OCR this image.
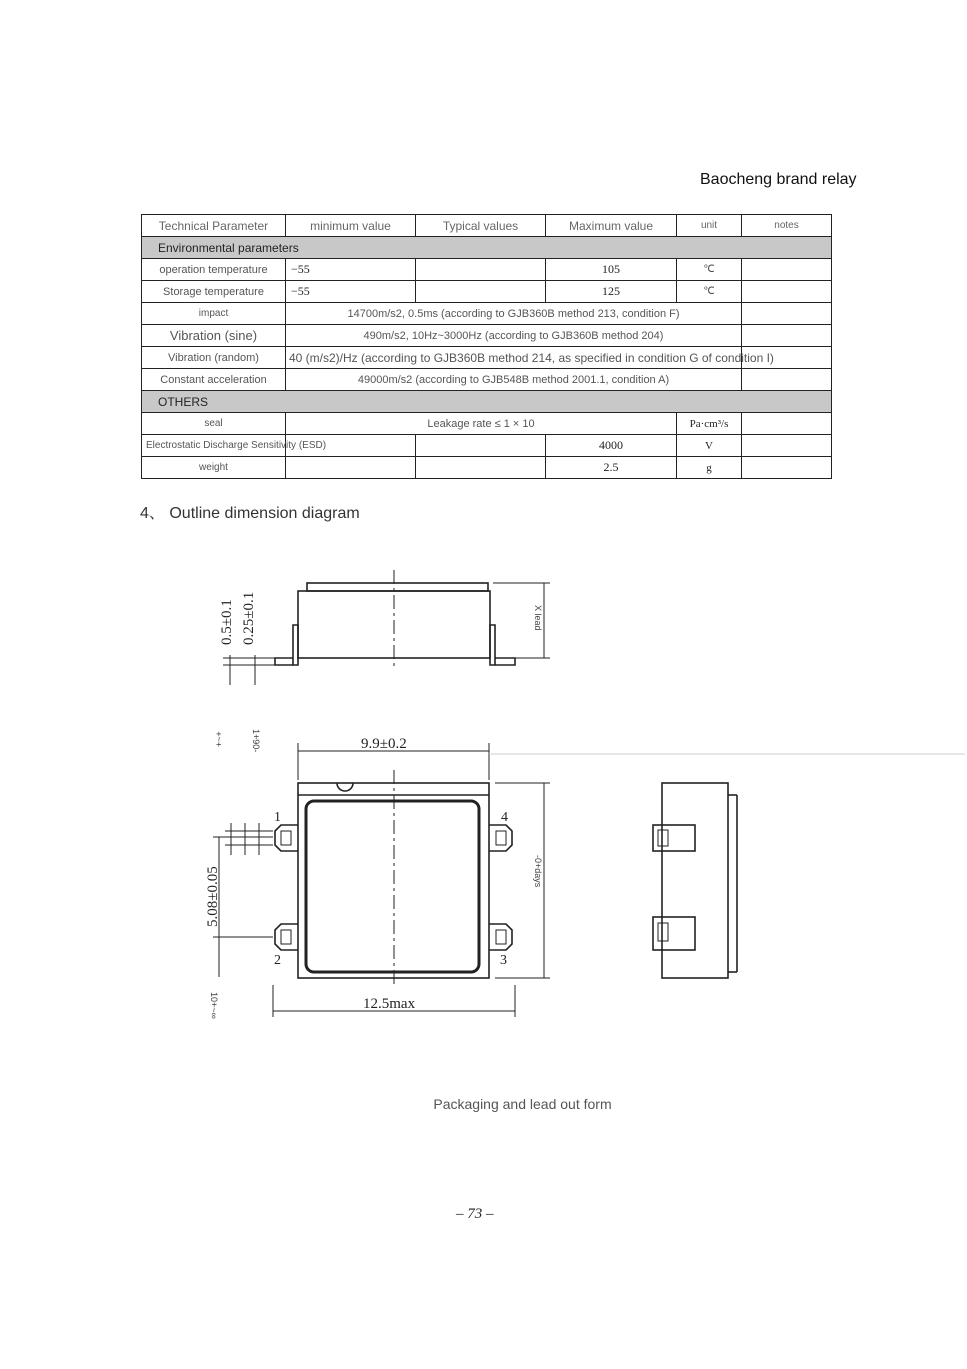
Baocheng brand relay
Technical Parameter	minimum value	Typical values	Maximum value	unit	notes
Environmental parameters					
operation temperature	−55		105	℃	
Storage temperature	−55		125	℃	
impact	14700m/s2, 0.5ms (according to GJB360B method 213, condition F)				
Vibration (sine)	490m/s2, 10Hz~3000Hz (according to GJB360B method 204)				
Vibration (random)	40 (m/s2)/Hz (according to GJB360B method 214, as specified in condition G of condition I)				
Constant acceleration	49000m/s2 (according to GJB548B method 2001.1, condition A)				
OTHERS					
seal	Leakage rate ≤ 1 × 10			Pa·cm³/s	
Electrostatic Discharge Sensitivity (ESD)			4000	V	
weight			2.5	g	
4、 Outline dimension diagram
0.5±0.1 0.25±0.1	X lead
9.9±0.2
5.08±0.05
12.5max
-0+days
+~+	1+90-
10+~∞
1
2	3
4
Packaging and lead out form
– 73 –
